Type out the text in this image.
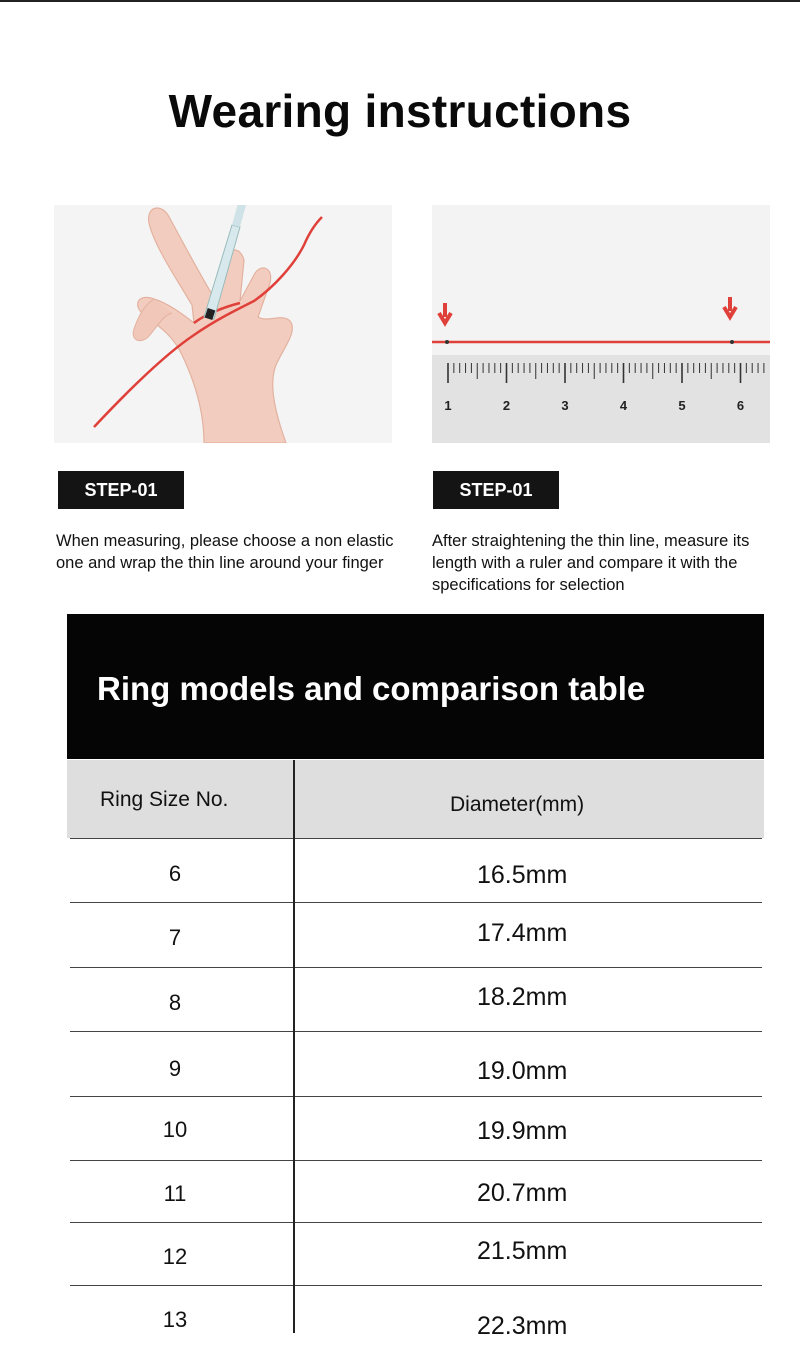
Wearing instructions
1	2	3	4	5	6
STEP-01	STEP-01
When measuring, please choose a non elastic one and wrap the thin line around your finger
After straightening the thin line, measure its length with a ruler and compare it with the specifications for selection
Ring models and comparison table
Ring Size No.	Diameter(mm)
6	16.5mm
7	17.4mm
8	18.2mm
9	19.0mm
10	19.9mm
11	20.7mm
12	21.5mm
13	22.3mm
